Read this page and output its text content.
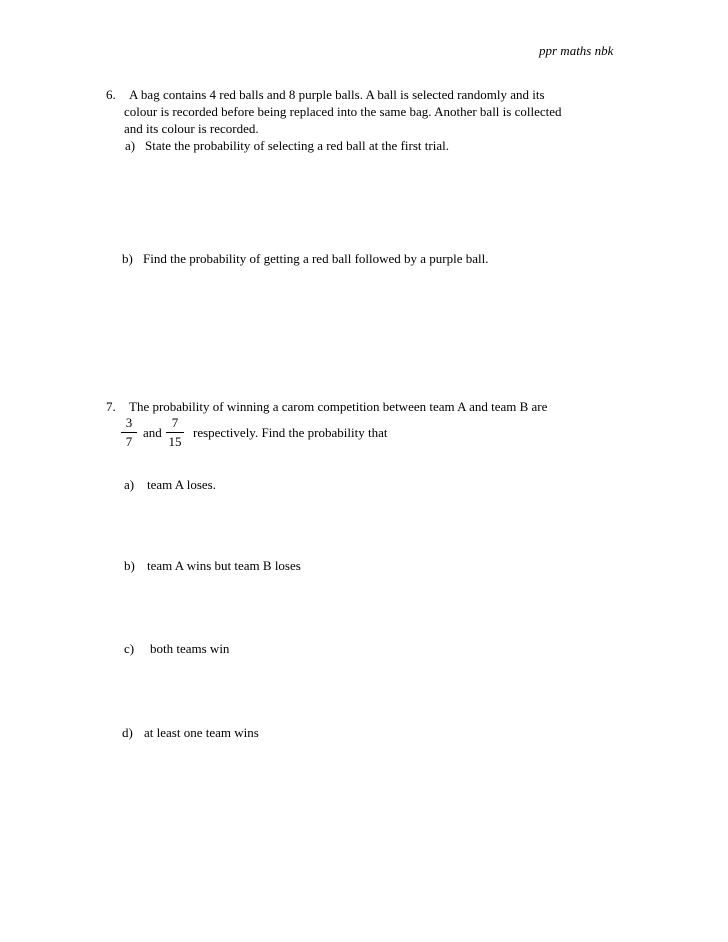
ppr maths nbk
6. A bag contains 4 red balls and 8 purple balls. A ball is selected randomly and its
colour is recorded before being replaced into the same bag. Another ball is collected
and its colour is recorded.
a) State the probability of selecting a red ball at the first trial.
b) Find the probability of getting a red ball followed by a purple ball.
7. The probability of winning a carom competition between team A and team B are
3
7
and
7
15
respectively. Find the probability that
a) team A loses.
b) team A wins but team B loses
c) both teams win
d) at least one team wins
